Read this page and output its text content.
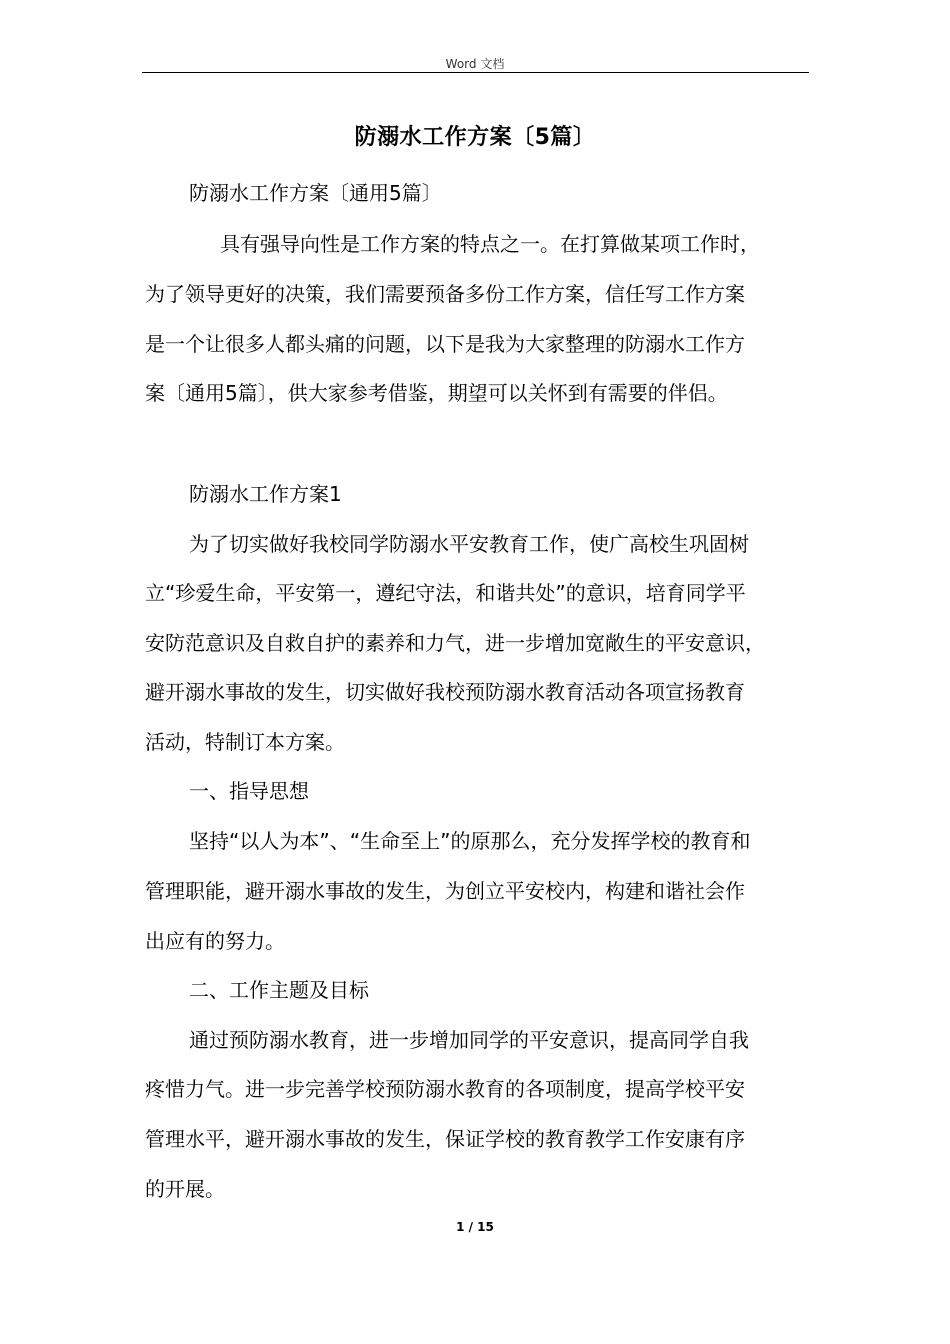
Word 文档
防溺水工作方案〔5篇〕
防溺水工作方案〔通用5篇〕
具有强导向性是工作方案的特点之一。在打算做某项工作时，
为了领导更好的决策，我们需要预备多份工作方案，信任写工作方案
是一个让很多人都头痛的问题，以下是我为大家整理的防溺水工作方
案〔通用5篇〕，供大家参考借鉴，期望可以关怀到有需要的伴侣。
防溺水工作方案1
为了切实做好我校同学防溺水平安教育工作，使广高校生巩固树
立“珍爱生命，平安第一，遵纪守法，和谐共处”的意识，培育同学平
安防范意识及自救自护的素养和力气，进一步增加宽敞生的平安意识，
避开溺水事故的发生，切实做好我校预防溺水教育活动各项宣扬教育
活动，特制订本方案。
一、指导思想
坚持“以人为本”、“生命至上”的原那么，充分发挥学校的教育和
管理职能，避开溺水事故的发生，为创立平安校内，构建和谐社会作
出应有的努力。
二、工作主题及目标
通过预防溺水教育，进一步增加同学的平安意识，提高同学自我
疼惜力气。进一步完善学校预防溺水教育的各项制度，提高学校平安
管理水平，避开溺水事故的发生，保证学校的教育教学工作安康有序
的开展。
1 / 15
